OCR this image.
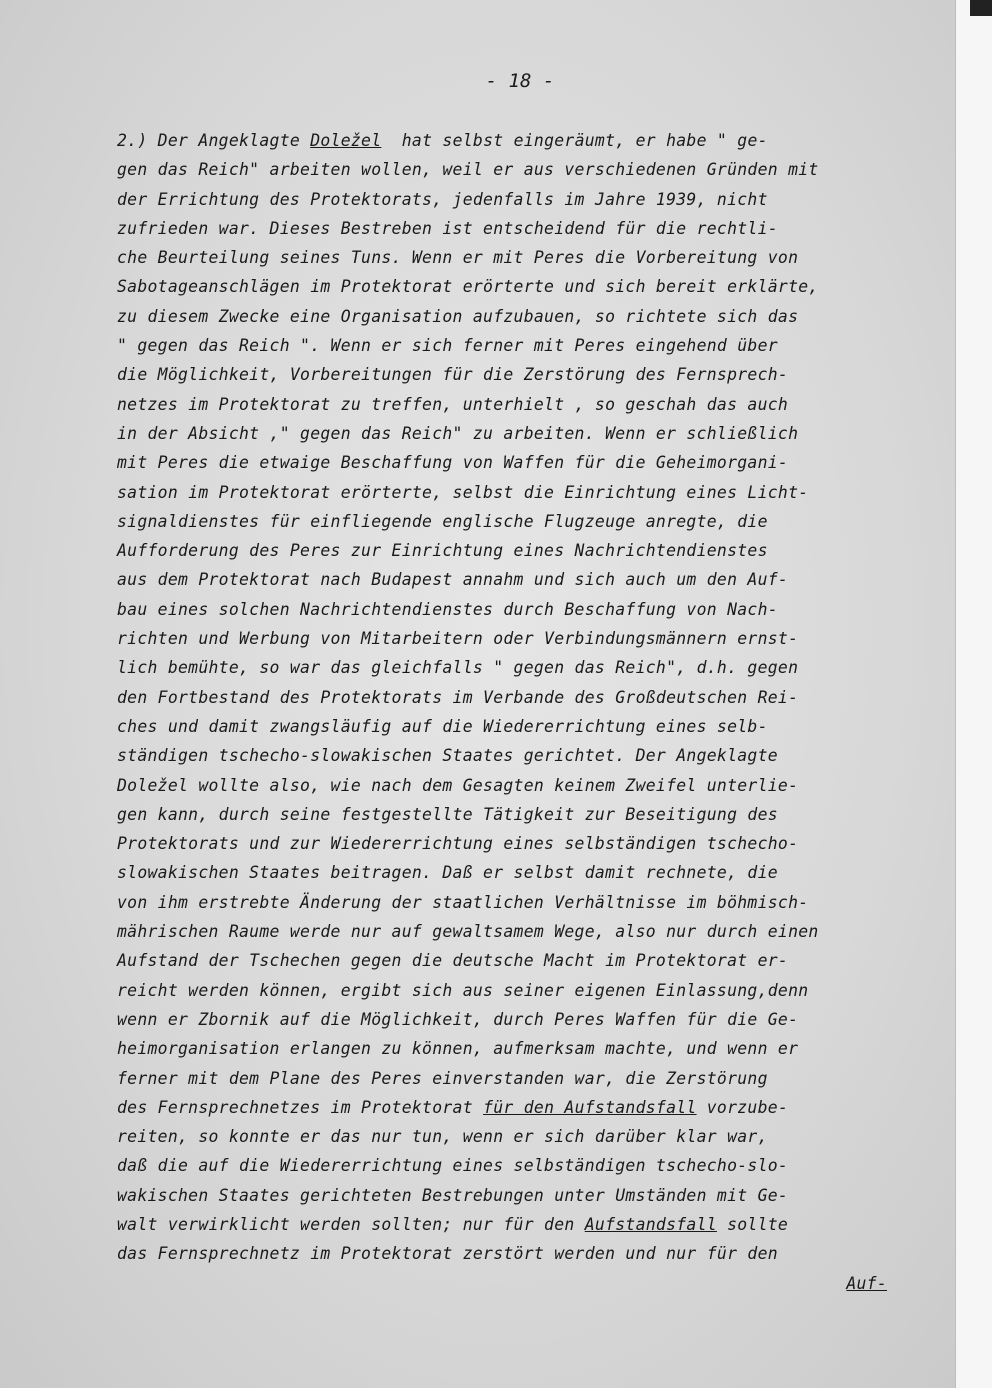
- 18 -
2.) Der Angeklagte Doležel  hat selbst eingeräumt, er habe " ge-
gen das Reich" arbeiten wollen, weil er aus verschiedenen Gründen mit
der Errichtung des Protektorats, jedenfalls im Jahre 1939, nicht
zufrieden war. Dieses Bestreben ist entscheidend für die rechtli-
che Beurteilung seines Tuns. Wenn er mit Peres die Vorbereitung von
Sabotageanschlägen im Protektorat erörterte und sich bereit erklärte,
zu diesem Zwecke eine Organisation aufzubauen, so richtete sich das
" gegen das Reich ". Wenn er sich ferner mit Peres eingehend über
die Möglichkeit, Vorbereitungen für die Zerstörung des Fernsprech-
netzes im Protektorat zu treffen, unterhielt , so geschah das auch
in der Absicht ," gegen das Reich" zu arbeiten. Wenn er schließlich
mit Peres die etwaige Beschaffung von Waffen für die Geheimorgani-
sation im Protektorat erörterte, selbst die Einrichtung eines Licht-
signaldienstes für einfliegende englische Flugzeuge anregte, die
Aufforderung des Peres zur Einrichtung eines Nachrichtendienstes
aus dem Protektorat nach Budapest annahm und sich auch um den Auf-
bau eines solchen Nachrichtendienstes durch Beschaffung von Nach-
richten und Werbung von Mitarbeitern oder Verbindungsmännern ernst-
lich bemühte, so war das gleichfalls " gegen das Reich", d.h. gegen
den Fortbestand des Protektorats im Verbande des Großdeutschen Rei-
ches und damit zwangsläufig auf die Wiedererrichtung eines selb-
ständigen tschecho-slowakischen Staates gerichtet. Der Angeklagte
Doležel wollte also, wie nach dem Gesagten keinem Zweifel unterlie-
gen kann, durch seine festgestellte Tätigkeit zur Beseitigung des
Protektorats und zur Wiedererrichtung eines selbständigen tschecho-
slowakischen Staates beitragen. Daß er selbst damit rechnete, die
von ihm erstrebte Änderung der staatlichen Verhältnisse im böhmisch-
mährischen Raume werde nur auf gewaltsamem Wege, also nur durch einen
Aufstand der Tschechen gegen die deutsche Macht im Protektorat er-
reicht werden können, ergibt sich aus seiner eigenen Einlassung,denn
wenn er Zbornik auf die Möglichkeit, durch Peres Waffen für die Ge-
heimorganisation erlangen zu können, aufmerksam machte, und wenn er
ferner mit dem Plane des Peres einverstanden war, die Zerstörung
des Fernsprechnetzes im Protektorat für den Aufstandsfall vorzube-
reiten, so konnte er das nur tun, wenn er sich darüber klar war,
daß die auf die Wiedererrichtung eines selbständigen tschecho-slo-
wakischen Staates gerichteten Bestrebungen unter Umständen mit Ge-
walt verwirklicht werden sollten; nur für den Aufstandsfall sollte
das Fernsprechnetz im Protektorat zerstört werden und nur für den
Auf-
